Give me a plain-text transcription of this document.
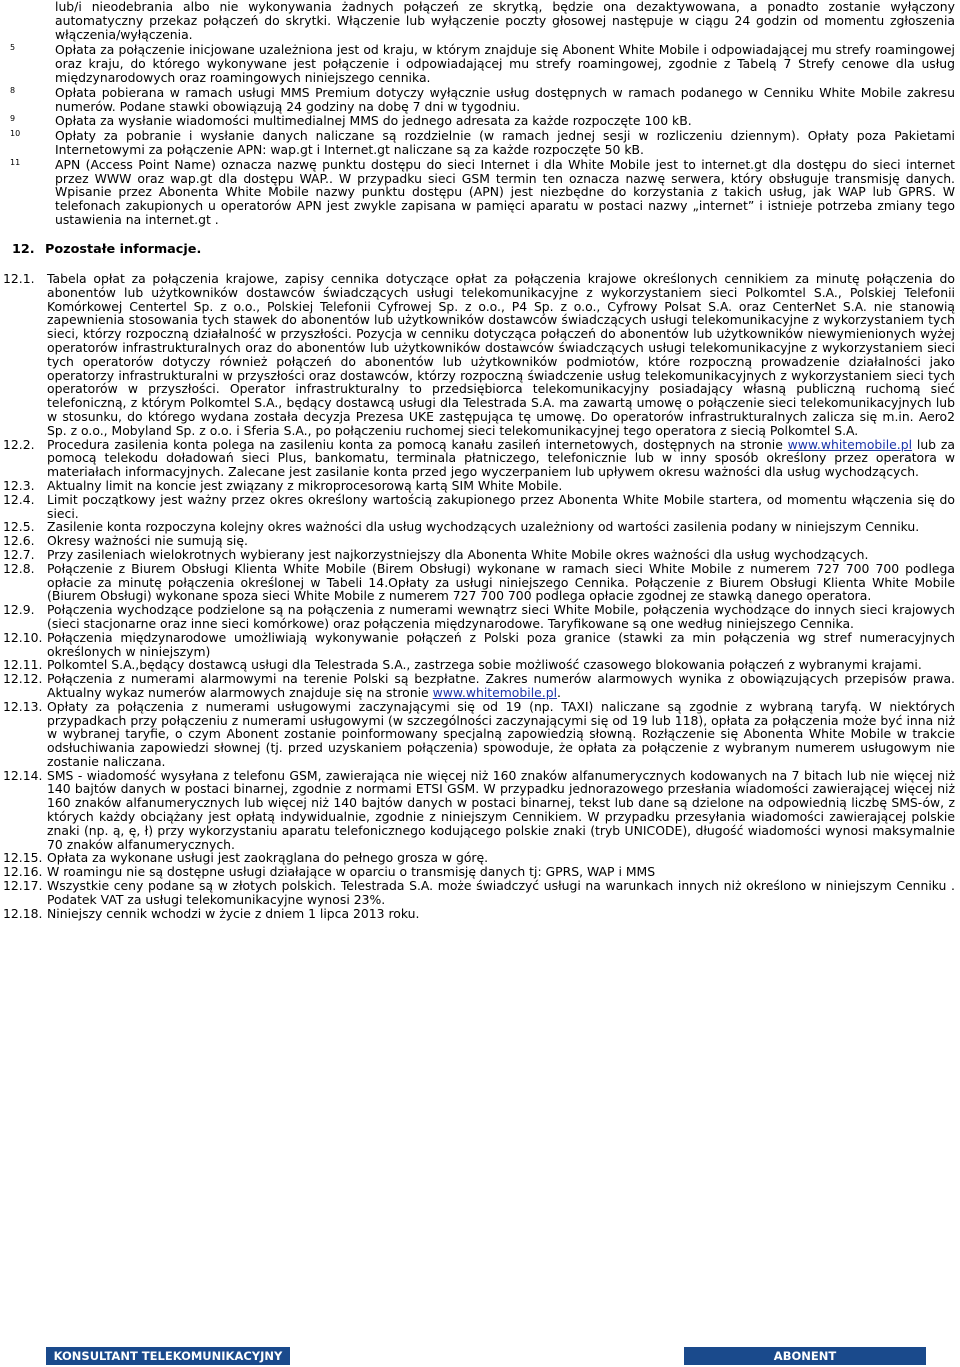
lub/i nieodebrania albo nie wykonywania żadnych połączeń ze skrytką, będzie ona dezaktywowana, a ponadto zostanie wyłączony automatyczny przekaz połączeń do skrytki. Włączenie lub wyłączenie poczty głosowej następuje w ciągu 24 godzin od momentu zgłoszenia włączenia/wyłączenia.

5	Opłata za połączenie inicjowane uzależniona jest od kraju, w którym znajduje się Abonent White Mobile i odpowiadającej mu strefy roamingowej oraz kraju, do którego wykonywane jest połączenie i odpowiadającej mu strefy roamingowej, zgodnie z Tabelą 7 Strefy cenowe dla usług międzynarodowych oraz roamingowych niniejszego cennika.

8	Opłata pobierana w ramach usługi MMS Premium dotyczy wyłącznie usług dostępnych w ramach podanego w Cenniku White Mobile zakresu numerów. Podane stawki obowiązują 24 godziny na dobę 7 dni w tygodniu.

9	Opłata za wysłanie wiadomości multimedialnej MMS do jednego adresata za każde rozpoczęte 100 kB.

10	Opłaty za pobranie i wysłanie danych naliczane są rozdzielnie (w ramach jednej sesji w rozliczeniu dziennym). Opłaty poza Pakietami Internetowymi za połączenie APN: wap.gt i Internet.gt naliczane są za każde rozpoczęte 50 kB.

11	APN (Access Point Name) oznacza nazwę punktu dostępu do sieci Internet i dla White Mobile jest to internet.gt dla dostępu do sieci internet przez WWW oraz wap.gt dla dostępu WAP.. W przypadku sieci GSM termin ten oznacza nazwę serwera, który obsługuje transmisję danych. Wpisanie przez Abonenta White Mobile nazwy punktu dostępu (APN) jest niezbędne do korzystania z takich usług, jak WAP lub GPRS. W telefonach zakupionych u operatorów APN jest zwykle zapisana w pamięci aparatu w postaci nazwy „internet” i istnieje potrzeba zmiany tego ustawienia na internet.gt .

12. Pozostałe informacje.
12.1. Tabela opłat za połączenia krajowe, zapisy cennika dotyczące opłat za połączenia krajowe określonych cennikiem za minutę połączenia do abonentów lub użytkowników dostawców świadczących usługi telekomunikacyjne z wykorzystaniem sieci Polkomtel S.A., Polskiej Telefonii Komórkowej Centertel Sp. z o.o., Polskiej Telefonii Cyfrowej Sp. z o.o., P4 Sp. z o.o., Cyfrowy Polsat S.A. oraz CenterNet S.A. nie stanowią zapewnienia stosowania tych stawek do abonentów lub użytkowników dostawców świadczących usługi telekomunikacyjne z wykorzystaniem tych sieci, którzy rozpoczną działalność w przyszłości. Pozycja w cenniku dotycząca połączeń do abonentów lub użytkowników niewymienionych wyżej operatorów infrastrukturalnych oraz do abonentów lub użytkowników dostawców świadczących usługi telekomunikacyjne z wykorzystaniem sieci tych operatorów dotyczy również połączeń do abonentów lub użytkowników podmiotów, które rozpoczną prowadzenie działalności jako operatorzy infrastrukturalni w przyszłości oraz dostawców, którzy rozpoczną świadczenie usług telekomunikacyjnych z wykorzystaniem sieci tych operatorów w przyszłości. Operator infrastrukturalny to przedsiębiorca telekomunikacyjny posiadający własną publiczną ruchomą sieć telefoniczną, z którym Polkomtel S.A., będący dostawcą usługi dla Telestrada S.A. ma zawartą umowę o połączenie sieci telekomunikacyjnych lub w stosunku, do którego wydana została decyzja Prezesa UKE zastępująca tę umowę. Do operatorów infrastrukturalnych zalicza się m.in. Aero2 Sp. z o.o., Mobyland Sp. z o.o. i Sferia S.A., po połączeniu ruchomej sieci telekomunikacyjnej tego operatora z siecią Polkomtel S.A.

12.2. Procedura zasilenia konta polega na zasileniu konta za pomocą kanału zasileń internetowych, dostępnych na stronie www.whitemobile.pl lub za pomocą telekodu doładowań sieci Plus, bankomatu, terminala płatniczego, telefonicznie lub w inny sposób określony przez operatora w materiałach informacyjnych. Zalecane jest zasilanie konta przed jego wyczerpaniem lub upływem okresu ważności dla usług wychodzących.

12.3. Aktualny limit na koncie jest związany z mikroprocesorową kartą SIM White Mobile.

12.4. Limit początkowy jest ważny przez okres określony wartością zakupionego przez Abonenta White Mobile startera, od momentu włączenia się do sieci.

12.5. Zasilenie konta rozpoczyna kolejny okres ważności dla usług wychodzących uzależniony od wartości zasilenia podany w niniejszym Cenniku.

12.6. Okresy ważności nie sumują się.

12.7. Przy zasileniach wielokrotnych wybierany jest najkorzystniejszy dla Abonenta White Mobile okres ważności dla usług wychodzących.

12.8. Połączenie z Biurem Obsługi Klienta White Mobile (Birem Obsługi) wykonane w ramach sieci White Mobile z numerem 727 700 700 podlega opłacie za minutę połączenia określonej w Tabeli 14.Opłaty za usługi niniejszego Cennika. Połączenie z Biurem Obsługi Klienta White Mobile (Biurem Obsługi) wykonane spoza sieci White Mobile z numerem 727 700 700 podlega opłacie zgodnej ze stawką danego operatora.

12.9. Połączenia wychodzące podzielone są na połączenia z numerami wewnątrz sieci White Mobile, połączenia wychodzące do innych sieci krajowych (sieci stacjonarne oraz inne sieci komórkowe) oraz połączenia międzynarodowe. Taryfikowane są one według niniejszego Cennika.

12.10. Połączenia międzynarodowe umożliwiają wykonywanie połączeń z Polski poza granice (stawki za min połączenia wg stref numeracyjnych określonych w niniejszym)

12.11. Polkomtel S.A.,będący dostawcą usługi dla Telestrada S.A., zastrzega sobie możliwość czasowego blokowania połączeń z wybranymi krajami.

12.12. Połączenia z numerami alarmowymi na terenie Polski są bezpłatne. Zakres numerów alarmowych wynika z obowiązujących przepisów prawa. Aktualny wykaz numerów alarmowych znajduje się na stronie www.whitemobile.pl.

12.13. Opłaty za połączenia z numerami usługowymi zaczynającymi się od 19 (np. TAXI) naliczane są zgodnie z wybraną taryfą. W niektórych przypadkach przy połączeniu z numerami usługowymi (w szczególności zaczynającymi się od 19 lub 118), opłata za połączenia może być inna niż w wybranej taryfie, o czym Abonent zostanie poinformowany specjalną zapowiedzią słowną. Rozłączenie się Abonenta White Mobile w trakcie odsłuchiwania zapowiedzi słownej (tj. przed uzyskaniem połączenia) spowoduje, że opłata za połączenie z wybranym numerem usługowym nie zostanie naliczana.

12.14. SMS - wiadomość wysyłana z telefonu GSM, zawierająca nie więcej niż 160 znaków alfanumerycznych kodowanych na 7 bitach lub nie więcej niż 140 bajtów danych w postaci binarnej, zgodnie z normami ETSI GSM. W przypadku jednorazowego przesłania wiadomości zawierającej więcej niż 160 znaków alfanumerycznych lub więcej niż 140 bajtów danych w postaci binarnej, tekst lub dane są dzielone na odpowiednią liczbę SMS-ów, z których każdy obciążany jest opłatą indywidualnie, zgodnie z niniejszym Cennikiem. W przypadku przesyłania wiadomości zawierającej polskie znaki (np. ą, ę, ł) przy wykorzystaniu aparatu telefonicznego kodującego polskie znaki (tryb UNICODE), długość wiadomości wynosi maksymalnie 70 znaków alfanumerycznych.

12.15. Opłata za wykonane usługi jest zaokrąglana do pełnego grosza w górę.

12.16. W roamingu nie są dostępne usługi działające w oparciu o transmisję danych tj: GPRS, WAP i MMS

12.17. Wszystkie ceny podane są w złotych polskich. Telestrada S.A. może świadczyć usługi na warunkach innych niż określono w niniejszym Cenniku . Podatek VAT za usługi telekomunikacyjne wynosi 23%.

12.18. Niniejszy cennik wchodzi w życie z dniem 1 lipca 2013 roku.

KONSULTANT TELEKOMUNIKACYJNY	ABONENT
